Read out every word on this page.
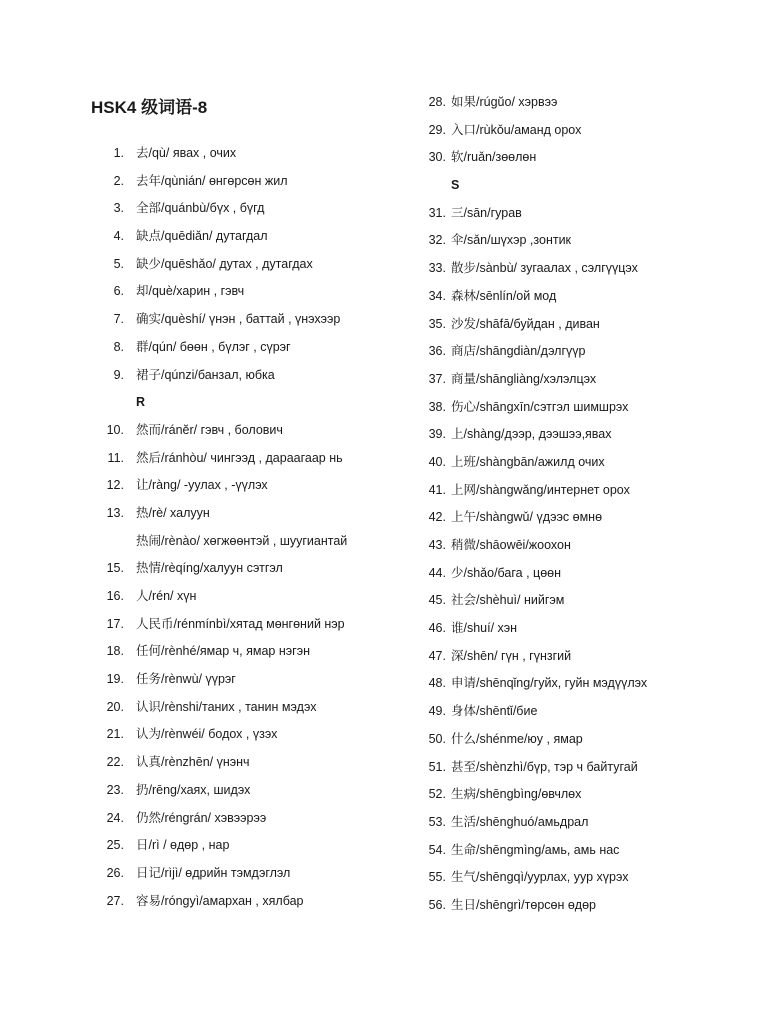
HSK4 级词语-8
1. 去/qù/ явах , очих
2. 去年/qùnián/ өнгөрсөн жил
3. 全部/quánbù/бүх , бүгд
4. 缺点/quēdiǎn/ дутагдал
5. 缺少/quēshǎo/ дутах , дутагдах
6. 却/què/харин , гэвч
7. 确实/quèshí/ үнэн , баттай , үнэхээр
8. 群/qún/ бөөн , бүлэг , сүрэг
9. 裙子/qúnzi/банзал, юбка
R
10. 然而/ránĕr/ гэвч , болович
11. 然后/ránhòu/ чингээд , дараагаар нь
12. 让/ràng/ -уулах , -үүлэх
13. 热/rè/ халуун
热闹/rènào/ хөгжөөнтэй , шуугиантай
15. 热情/rèqíng/халуун сэтгэл
16. 人/rén/ хүн
17. 人民币/rénmínbì/хятад мөнгөний нэр
18. 任何/rènhé/ямар ч, ямар нэгэн
19. 任务/rènwù/ үүрэг
20. 认识/rènshi/таних , танин мэдэх
21. 认为/rènwéi/ бодох , үзэх
22. 认真/rènzhēn/ үнэнч
23. 扔/rēng/хаях, шидэх
24. 仍然/réngrán/ хэвээрээ
25. 日/rì / өдөр , нар
26. 日记/rìjì/ өдрийн тэмдэглэл
27. 容易/róngyì/амархан , хялбар
28. 如果/rúgŭo/ хэрвээ
29. 入口/rùkǒu/аманд орох
30. 软/ruǎn/зөөлөн
S
31. 三/sān/гурав
32. 伞/sǎn/шүхэр ,зонтик
33. 散步/sànbù/ зугаалах , сэлгүүцэх
34. 森林/sēnlín/ой мод
35. 沙发/shāfā/буйдан , диван
36. 商店/shāngdiàn/дэлгүүр
37. 商量/shāngliàng/хэлэлцэх
38. 伤心/shāngxīn/сэтгэл шимшрэх
39. 上/shàng/дээр, дээшээ,явах
40. 上班/shàngbān/ажилд очих
41. 上网/shàngwǎng/интернет орох
42. 上午/shàngwǔ/ үдээс өмнө
43. 稍微/shāowēi/жоохон
44. 少/shǎo/бага , цөөн
45. 社会/shèhuì/ нийгэм
46. 谁/shuí/ хэн
47. 深/shēn/ гүн , гүнзгий
48. 申请/shēnqǐng/гуйх, гуйн мэдүүлэх
49. 身体/shēntǐ/бие
50. 什么/shénme/юу , ямар
51. 甚至/shènzhì/бүр, тэр ч байтугай
52. 生病/shēngbìng/өвчлөх
53. 生活/shēnghuó/амьдрал
54. 生命/shēngmìng/амь, амь нас
55. 生气/shēngqì/уурлах, уур хүрэх
56. 生日/shēngrì/төрсөн өдөр
